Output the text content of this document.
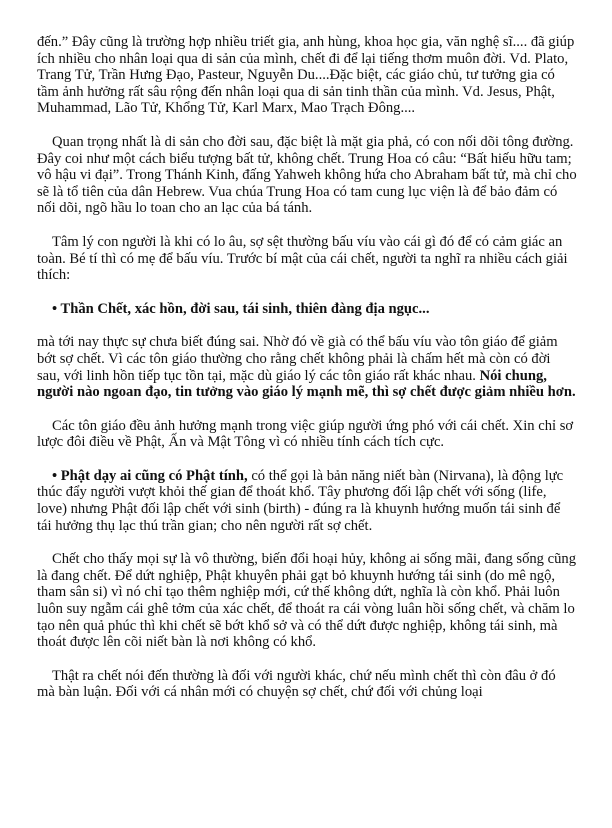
đến.” Đây cũng là trường hợp nhiều triết gia, anh hùng, khoa học gia, văn nghệ sĩ.... đã giúp ích nhiều cho nhân loại qua di sản của mình, chết đi để lại tiếng thơm muôn đời. Vd. Plato, Trang Tử, Trần Hưng Đạo, Pasteur, Nguyễn Du....Đặc biệt, các giáo chủ, tư tưởng gia có tầm ảnh hưởng rất sâu rộng đến nhân loại qua di sản tinh thần của mình. Vd. Jesus, Phật, Muhammad, Lão Tử, Khổng Tử, Karl Marx, Mao Trạch Đông....

Quan trọng nhất là di sản cho đời sau, đặc biệt là mặt gia phả, có con nối dõi tông đường. Đây coi như một cách biểu tượng bất tử, không chết. Trung Hoa có câu: “Bất hiếu hữu tam; vô hậu vi đại”. Trong Thánh Kinh, đấng Yahweh không hứa cho Abraham bất tử, mà chỉ cho sẽ là tổ tiên của dân Hebrew. Vua chúa Trung Hoa có tam cung lục viện là để bảo đảm có nối dõi, ngõ hầu lo toan cho an lạc của bá tánh.

Tâm lý con người là khi có lo âu, sợ sệt thường bấu víu vào cái gì đó để có cảm giác an toàn. Bé tí thì có mẹ để bấu víu. Trước bí mật của cái chết, người ta nghĩ ra nhiều cách giải thích:

• Thần Chết, xác hồn, đời sau, tái sinh, thiên đàng địa ngục...

mà tới nay thực sự chưa biết đúng sai. Nhờ đó về già có thể bấu víu vào tôn giáo để giảm bớt sợ chết. Vì các tôn giáo thường cho rằng chết không phải là chấm hết mà còn có đời sau, với linh hồn tiếp tục tồn tại, mặc dù giáo lý các tôn giáo rất khác nhau. Nói chung, người nào ngoan đạo, tin tưởng vào giáo lý mạnh mẽ, thì sợ chết được giảm nhiều hơn.

Các tôn giáo đều ảnh hưởng mạnh trong việc giúp người ứng phó với cái chết. Xin chỉ sơ lược đôi điều về Phật, Ấn và Mật Tông vì có nhiều tính cách tích cực.

• Phật dạy ai cũng có Phật tính, có thể gọi là bản năng niết bàn (Nirvana), là động lực thúc đẩy người vượt khỏi thế gian để thoát khổ. Tây phương đối lập chết với sống (life, love) nhưng Phật đối lập chết với sinh (birth) - đúng ra là khuynh hướng muốn tái sinh để tái hưởng thụ lạc thú trần gian; cho nên người rất sợ chết.

Chết cho thấy mọi sự là vô thường, biến đổi hoại hủy, không ai sống mãi, đang sống cũng là đang chết. Để dứt nghiệp, Phật khuyên phải gạt bỏ khuynh hướng tái sinh (do mê ngộ, tham sân si) vì nó chỉ tạo thêm nghiệp mới, cứ thế không dứt, nghĩa là còn khổ. Phải luôn luôn suy ngẫm cái ghê tởm của xác chết, để thoát ra cái vòng luân hồi sống chết, và chăm lo tạo nên quả phúc thì khi chết sẽ bớt khổ sở và có thể dứt được nghiệp, không tái sinh, mà thoát được lên cõi niết bàn là nơi không có khổ.

Thật ra chết nói đến thường là đối với người khác, chứ nếu mình chết thì còn đâu ở đó mà bàn luận. Đối với cá nhân mới có chuyện sợ chết, chứ đối với chủng loại
